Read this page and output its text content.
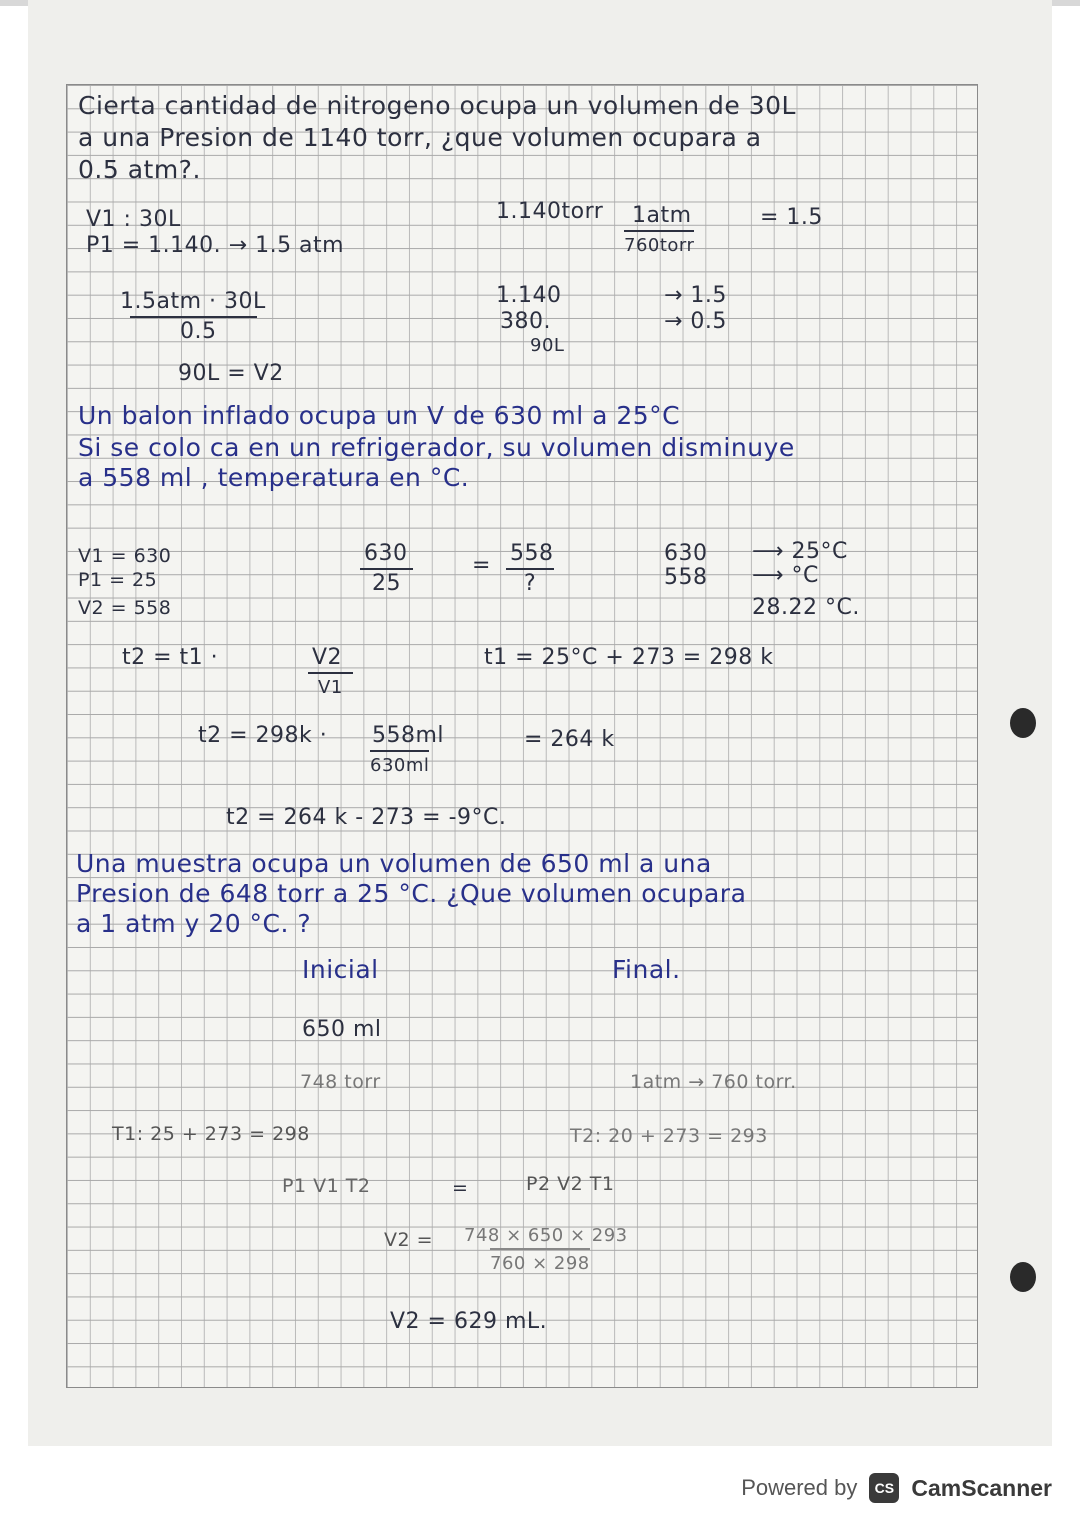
Cierta cantidad de nitrogeno ocupa un volumen de 30L
a una Presion de 1140 torr, ¿que volumen ocupara a
0.5 atm?.
V1 : 30L
P1 = 1.140. → 1.5 atm
1.140torr 1atm
760torr
= 1.5
1.5atm · 30L
0.5
90L = V2
1.140
380.
90L
→ 1.5
→ 0.5
Un balon inflado ocupa un V de 630 ml a 25°C
Si se colo ca en un refrigerador, su volumen disminuye
a 558 ml , temperatura en °C.
V1 = 630
P1 = 25
V2 = 558
630
25
= 558
?
630
558
⟶ 25°C
⟶ °C
28.22 °C.
t2 = t1 ·	V2
V1
t1 = 25°C + 273 = 298 k
t2 = 298k · 558ml
630ml
= 264 k
t2 = 264 k - 273 = -9°C.
Una muestra ocupa un volumen de 650 ml a una
Presion de 648 torr a 25 °C. ¿Que volumen ocupara
a 1 atm y 20 °C. ?
Inicial	Final.
650 ml
748 torr	1atm → 760 torr.
T1: 25 + 273 = 298	T2: 20 + 273 = 293
P1 V1 T2	=	P2 V2 T1
V2 = 748 × 650 × 293
760 × 298
V2 = 629 mL.
Powered by	CS CamScanner
